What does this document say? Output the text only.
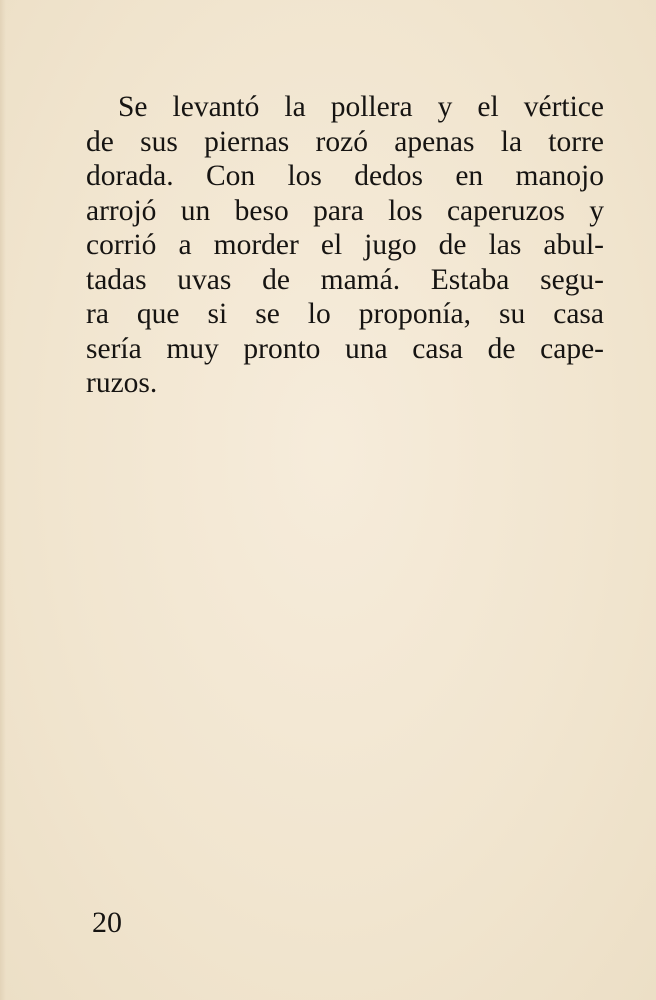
Se levantó la pollera y el vértice
de sus piernas rozó apenas la torre
dorada. Con los dedos en manojo
arrojó un beso para los caperuzos y
corrió a morder el jugo de las abul-
tadas uvas de mamá. Estaba segu-
ra que si se lo proponía, su casa
sería muy pronto una casa de cape-
ruzos.

20
